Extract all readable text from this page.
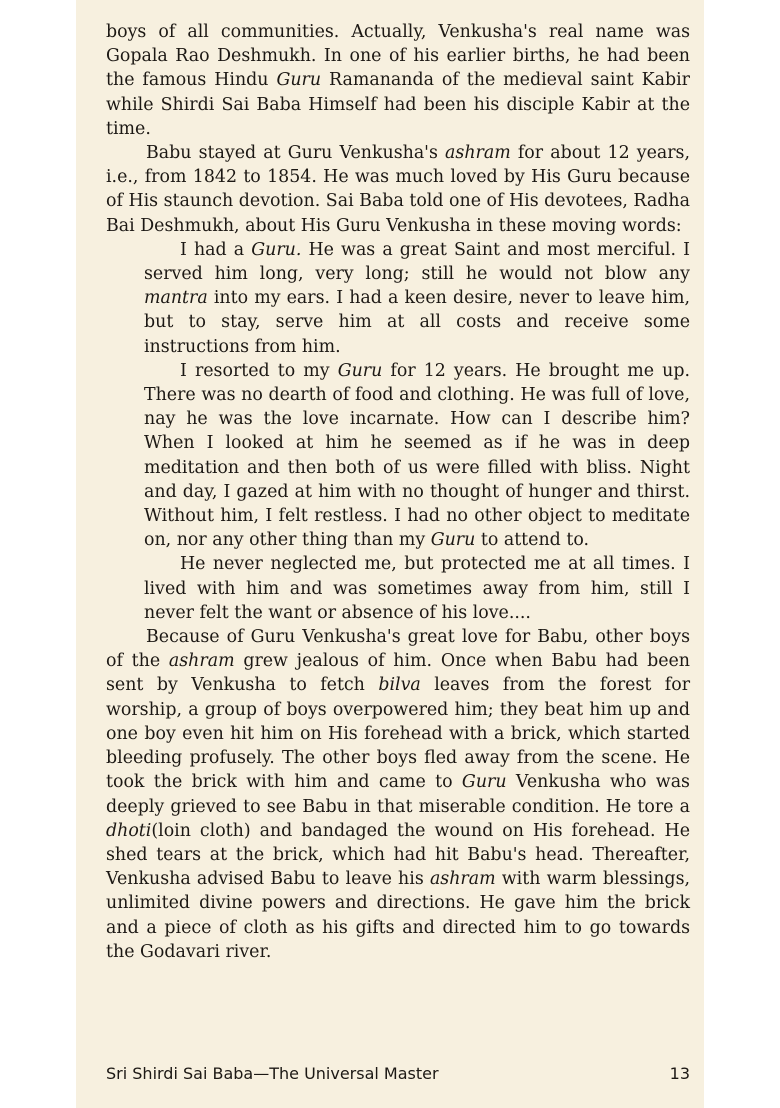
boys of all communities. Actually, Venkusha's real name was Gopala Rao Deshmukh. In one of his earlier births, he had been the famous Hindu Guru Ramananda of the medieval saint Kabir while Shirdi Sai Baba Himself had been his disciple Kabir at the time.

Babu stayed at Guru Venkusha's ashram for about 12 years, i.e., from 1842 to 1854. He was much loved by His Guru because of His staunch devotion. Sai Baba told one of His devotees, Radha Bai Deshmukh, about His Guru Venkusha in these moving words:

I had a Guru. He was a great Saint and most merciful. I served him long, very long; still he would not blow any mantra into my ears. I had a keen desire, never to leave him, but to stay, serve him at all costs and receive some instructions from him.

I resorted to my Guru for 12 years. He brought me up. There was no dearth of food and clothing. He was full of love, nay he was the love incarnate. How can I describe him? When I looked at him he seemed as if he was in deep meditation and then both of us were filled with bliss. Night and day, I gazed at him with no thought of hunger and thirst. Without him, I felt restless. I had no other object to meditate on, nor any other thing than my Guru to attend to.

He never neglected me, but protected me at all times. I lived with him and was sometimes away from him, still I never felt the want or absence of his love....

Because of Guru Venkusha's great love for Babu, other boys of the ashram grew jealous of him. Once when Babu had been sent by Venkusha to fetch bilva leaves from the forest for worship, a group of boys overpowered him; they beat him up and one boy even hit him on His forehead with a brick, which started bleeding profusely. The other boys fled away from the scene. He took the brick with him and came to Guru Venkusha who was deeply grieved to see Babu in that miserable condition. He tore a dhoti(loin cloth) and bandaged the wound on His forehead. He shed tears at the brick, which had hit Babu's head. Thereafter, Venkusha advised Babu to leave his ashram with warm blessings, unlimited divine powers and directions. He gave him the brick and a piece of cloth as his gifts and directed him to go towards the Godavari river.

Sri Shirdi Sai Baba—The Universal Master	13
